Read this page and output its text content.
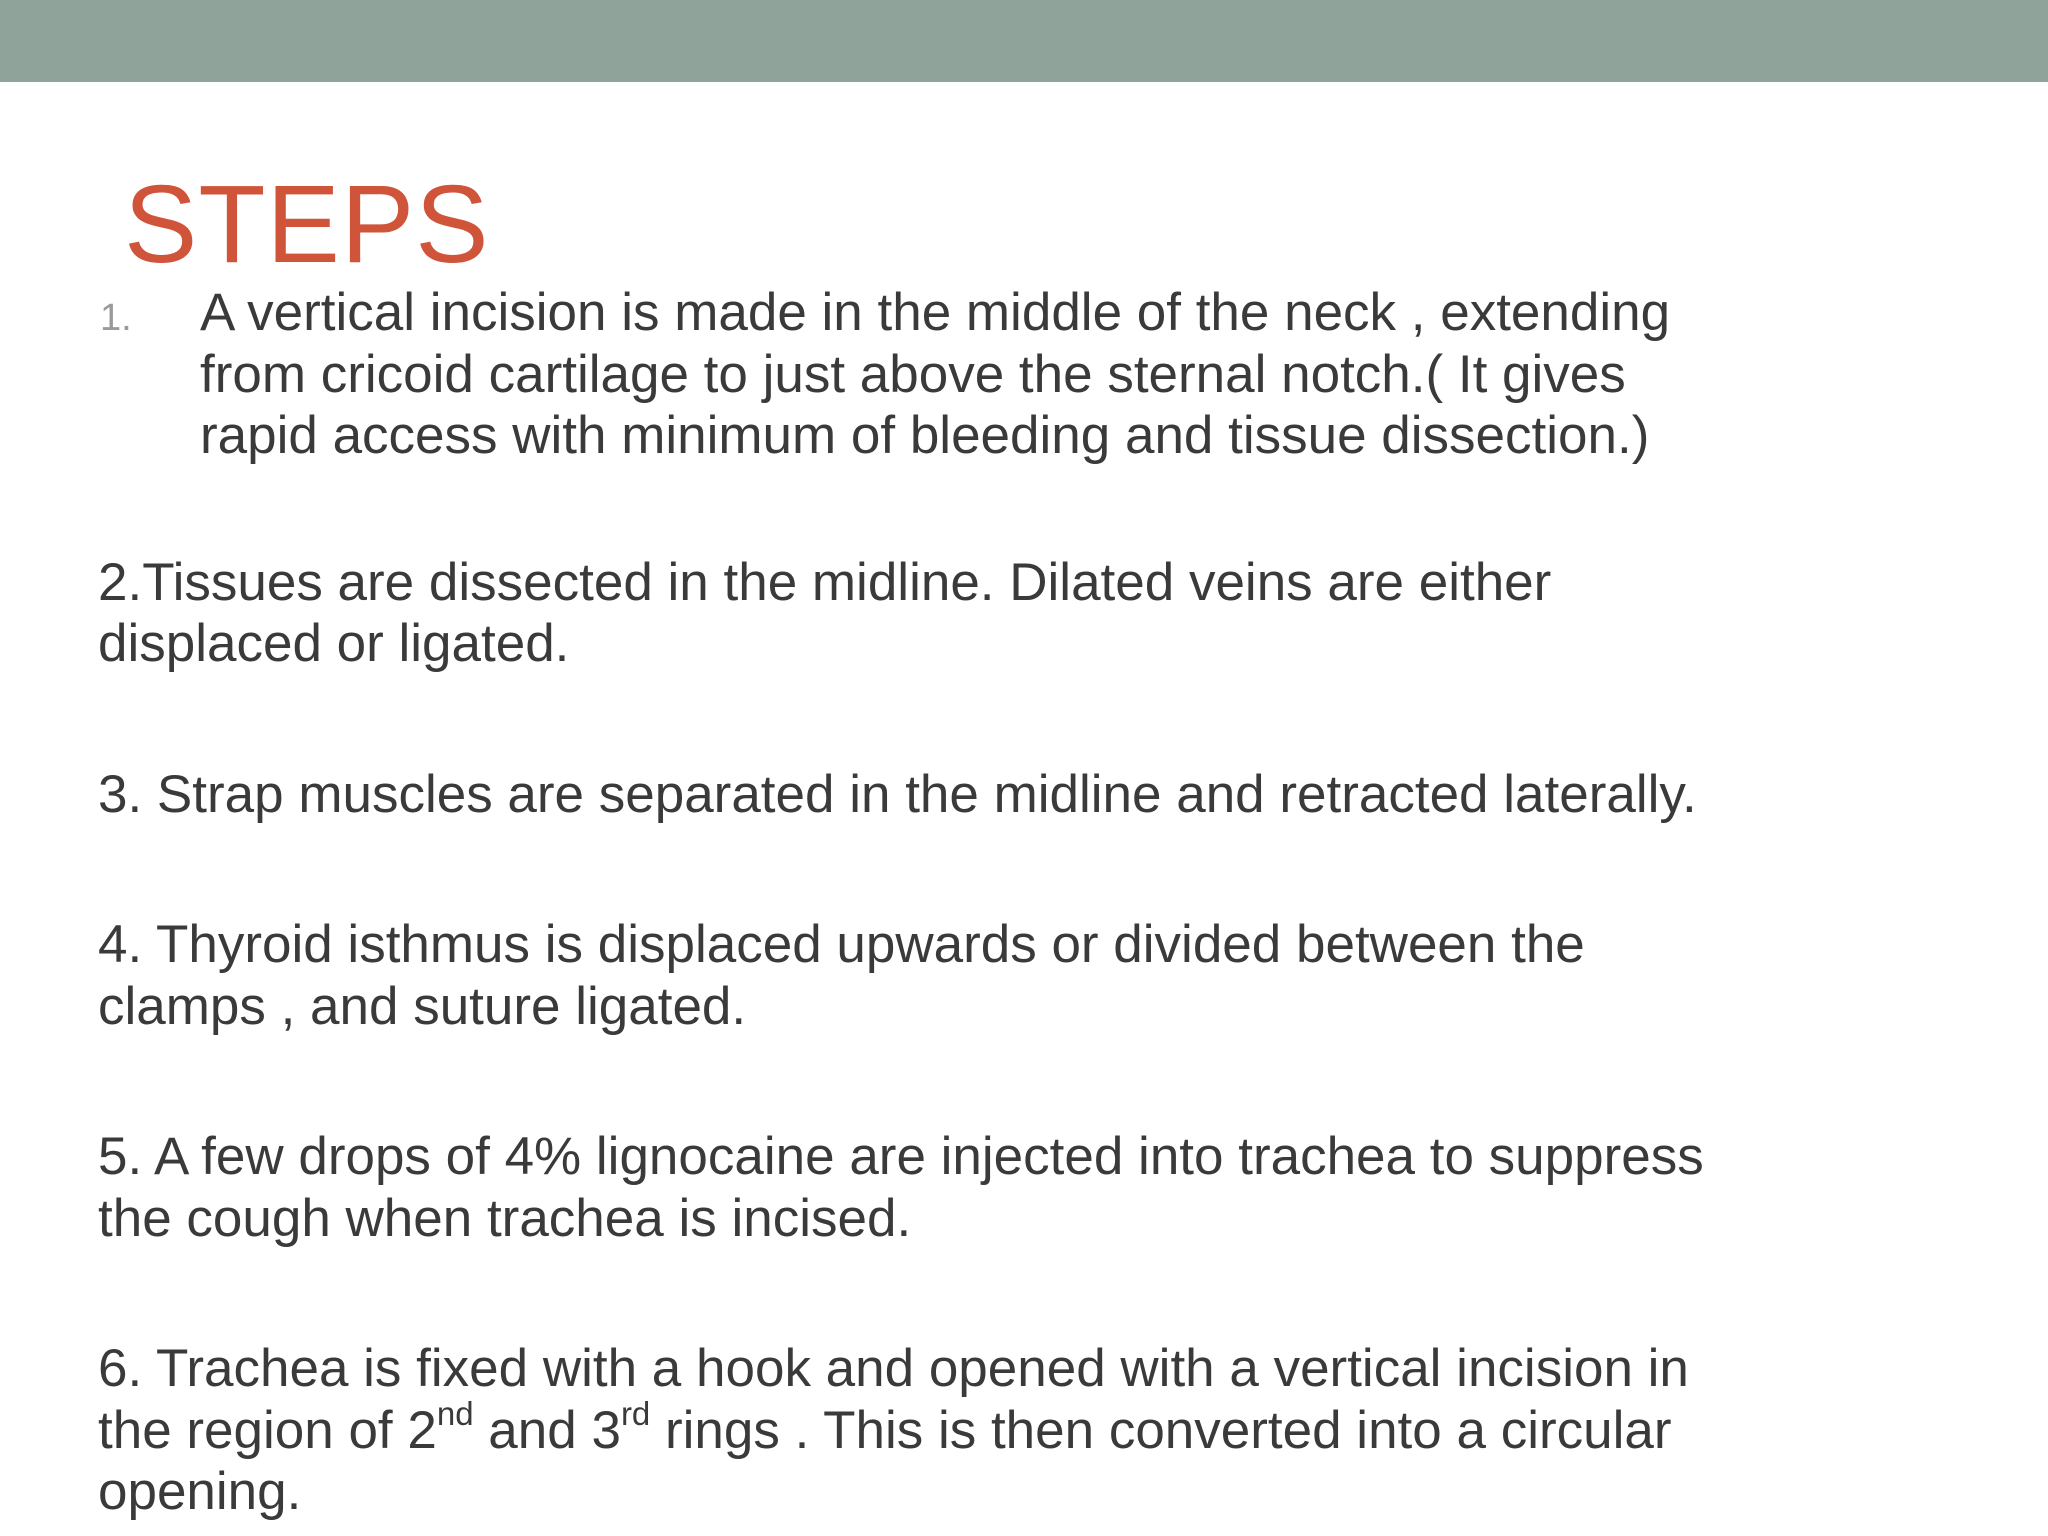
STEPS

1. A vertical incision is made in the middle of the neck , extending
from cricoid cartilage to just above the sternal notch.( It gives
rapid access with minimum of bleeding and tissue dissection.)

2.Tissues are dissected in the midline. Dilated veins are either
displaced or ligated.

3. Strap muscles are separated in the midline and retracted laterally.

4. Thyroid isthmus is displaced upwards or divided between the
clamps , and suture ligated.

5. A few drops of 4% lignocaine are injected into trachea to suppress
the cough when trachea is incised.

6. Trachea is fixed with a hook and opened with a vertical incision in
the region of 2nd and 3rd rings . This is then converted into a circular
opening.
